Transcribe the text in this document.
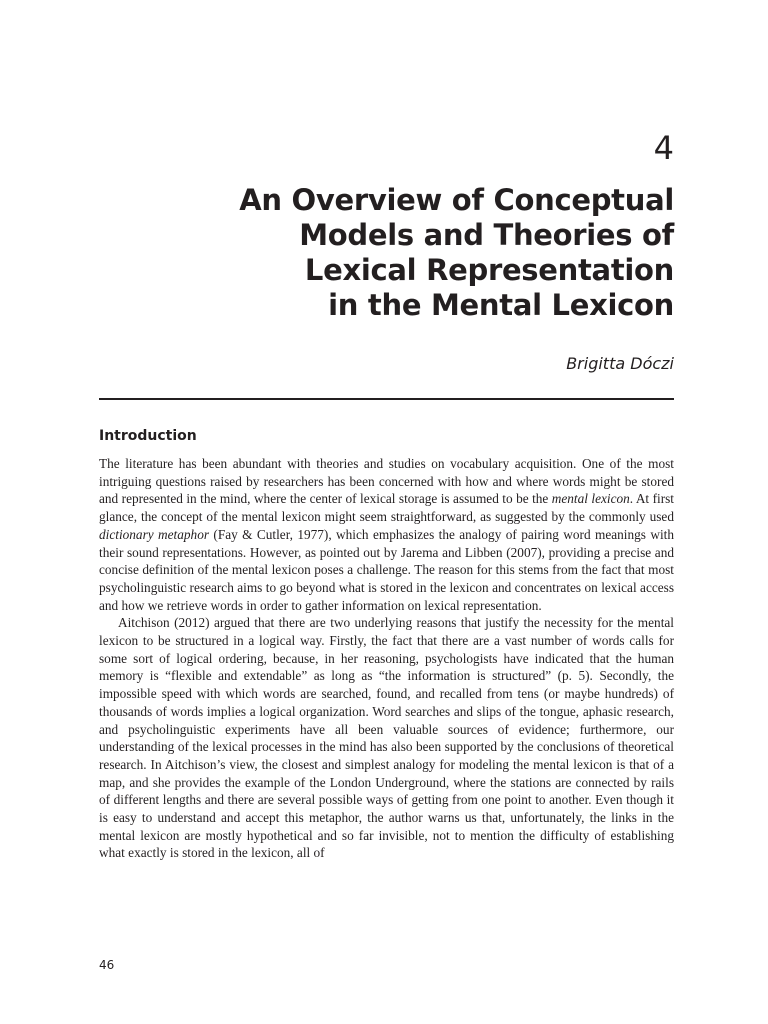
4
An Overview of Conceptual
Models and Theories of
Lexical Representation
in the Mental Lexicon
Brigitta Dóczi
Introduction

The literature has been abundant with theories and studies on vocabulary acquisition. One of the most intriguing questions raised by researchers has been concerned with how and where words might be stored and represented in the mind, where the center of lexical storage is assumed to be the mental lexicon. At first glance, the concept of the mental lexicon might seem straightforward, as suggested by the commonly used dictionary metaphor (Fay & Cutler, 1977), which emphasizes the analogy of pairing word meanings with their sound representations. However, as pointed out by Jarema and Libben (2007), providing a precise and concise definition of the mental lexicon poses a challenge. The reason for this stems from the fact that most psycholinguistic research aims to go beyond what is stored in the lexicon and concentrates on lexical access and how we retrieve words in order to gather information on lexical representation.

Aitchison (2012) argued that there are two underlying reasons that justify the necessity for the mental lexicon to be structured in a logical way. Firstly, the fact that there are a vast number of words calls for some sort of logical ordering, because, in her reasoning, psychologists have indicated that the human memory is “flexible and extendable” as long as “the information is structured” (p. 5). Secondly, the impossible speed with which words are searched, found, and recalled from tens (or maybe hundreds) of thousands of words implies a logical organization. Word searches and slips of the tongue, aphasic research, and psycholinguistic experiments have all been valuable sources of evidence; furthermore, our understanding of the lexical processes in the mind has also been supported by the conclusions of theoretical research. In Aitchison’s view, the closest and simplest analogy for modeling the mental lexicon is that of a map, and she provides the example of the London Underground, where the stations are connected by rails of different lengths and there are several possible ways of getting from one point to another. Even though it is easy to understand and accept this metaphor, the author warns us that, unfortunately, the links in the mental lexicon are mostly hypothetical and so far invisible, not to mention the difficulty of establishing what exactly is stored in the lexicon, all of

46
